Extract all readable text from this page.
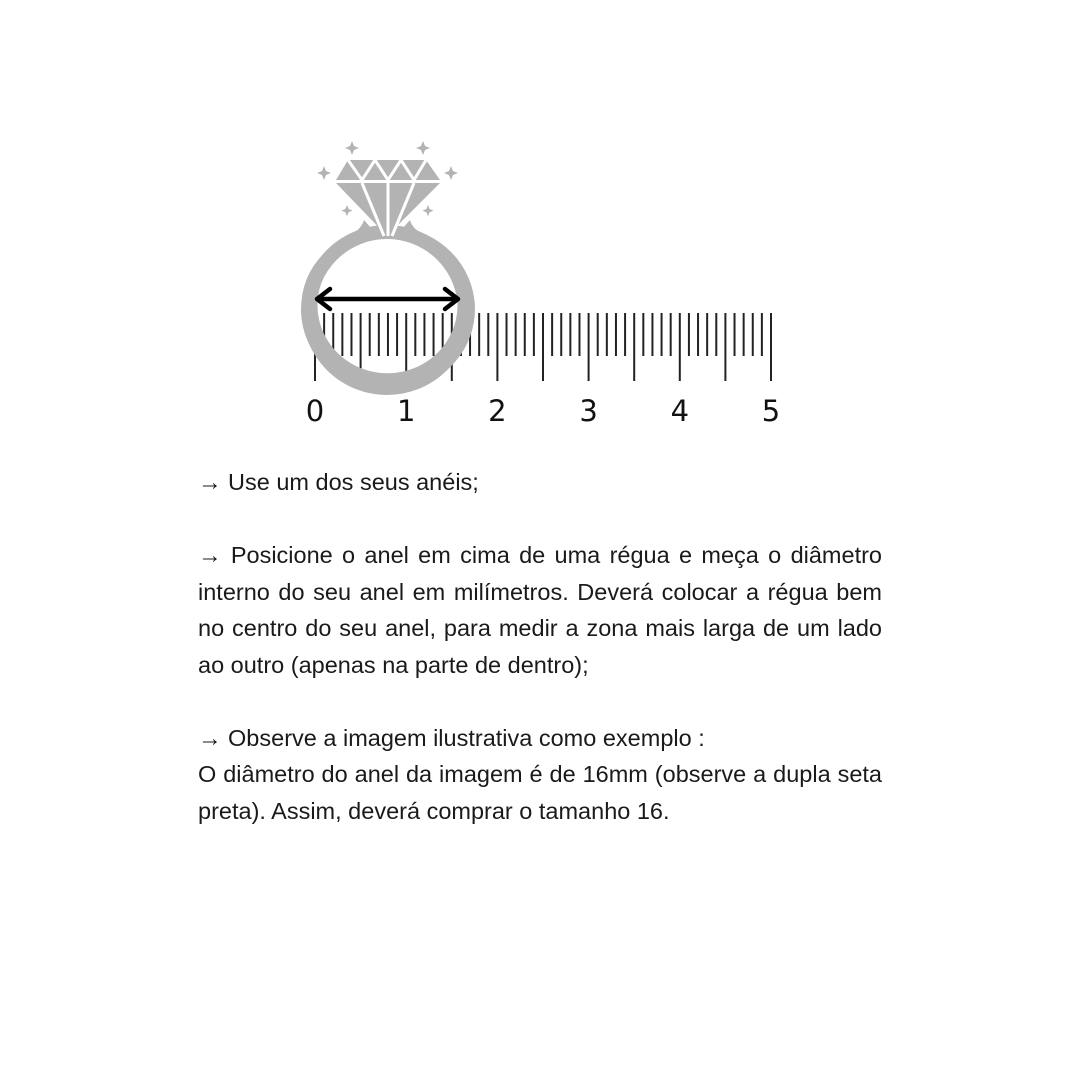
0	1	2	3	4	5

→ Use um dos seus anéis;

→ Posicione o anel em cima de uma régua e meça o diâmetro interno do seu anel em milímetros. Deverá colocar a régua bem no centro do seu anel, para medir a zona mais larga de um lado ao outro (apenas na parte de dentro);

→ Observe a imagem ilustrativa como exemplo :

O diâmetro do anel da imagem é de 16mm (observe a dupla seta preta). Assim, deverá comprar o tamanho 16.
